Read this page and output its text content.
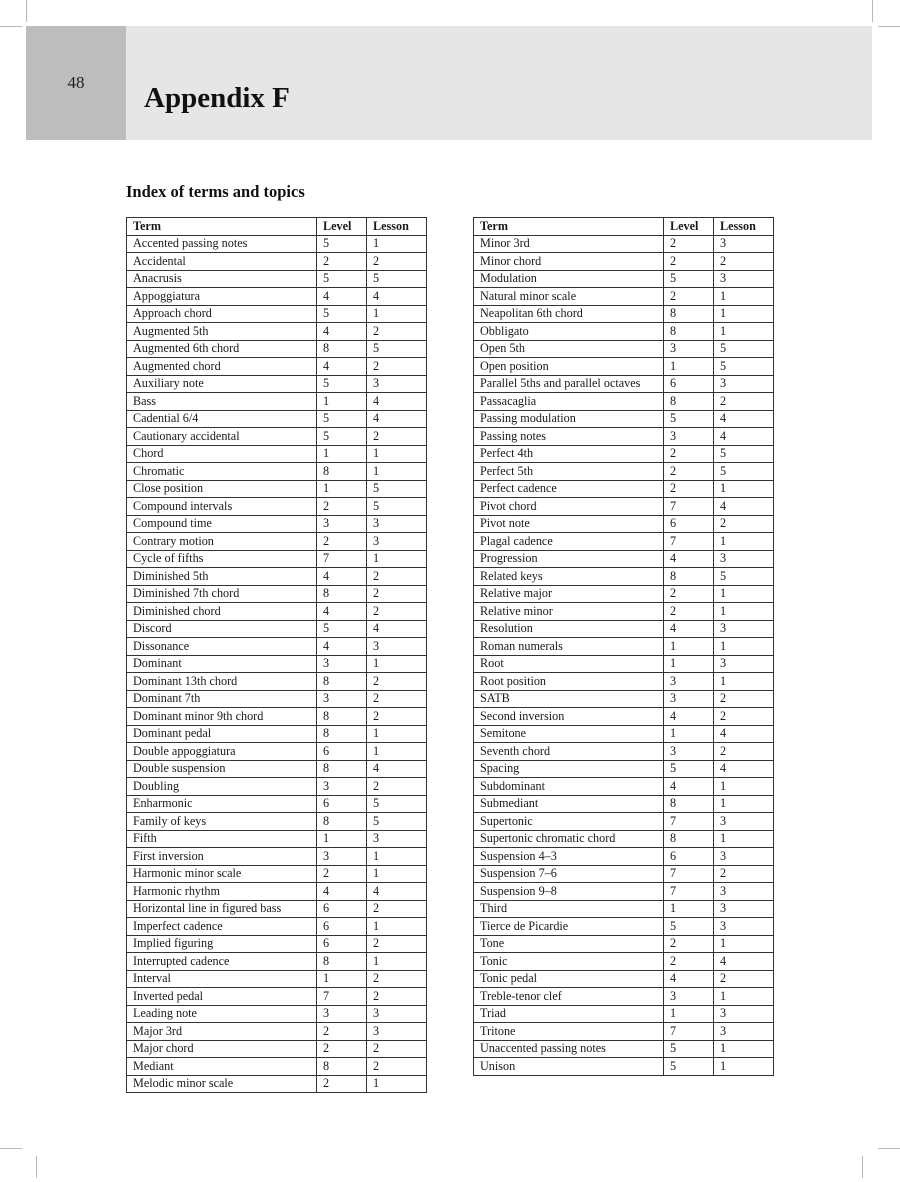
48	Appendix F
Index of terms and topics
Term	Level	Lesson
Accented passing notes	5	1
Accidental	2	2
Anacrusis	5	5
Appoggiatura	4	4
Approach chord	5	1
Augmented 5th	4	2
Augmented 6th chord	8	5
Augmented chord	4	2
Auxiliary note	5	3
Bass	1	4
Cadential 6/4	5	4
Cautionary accidental	5	2
Chord	1	1
Chromatic	8	1
Close position	1	5
Compound intervals	2	5
Compound time	3	3
Contrary motion	2	3
Cycle of fifths	7	1
Diminished 5th	4	2
Diminished 7th chord	8	2
Diminished chord	4	2
Discord	5	4
Dissonance	4	3
Dominant	3	1
Dominant 13th chord	8	2
Dominant 7th	3	2
Dominant minor 9th chord	8	2
Dominant pedal	8	1
Double appoggiatura	6	1
Double suspension	8	4
Doubling	3	2
Enharmonic	6	5
Family of keys	8	5
Fifth	1	3
First inversion	3	1
Harmonic minor scale	2	1
Harmonic rhythm	4	4
Horizontal line in figured bass	6	2
Imperfect cadence	6	1
Implied figuring	6	2
Interrupted cadence	8	1
Interval	1	2
Inverted pedal	7	2
Leading note	3	3
Major 3rd	2	3
Major chord	2	2
Mediant	8	2
Melodic minor scale	2	1
Term	Level	Lesson
Minor 3rd	2	3
Minor chord	2	2
Modulation	5	3
Natural minor scale	2	1
Neapolitan 6th chord	8	1
Obbligato	8	1
Open 5th	3	5
Open position	1	5
Parallel 5ths and parallel octaves	6	3
Passacaglia	8	2
Passing modulation	5	4
Passing notes	3	4
Perfect 4th	2	5
Perfect 5th	2	5
Perfect cadence	2	1
Pivot chord	7	4
Pivot note	6	2
Plagal cadence	7	1
Progression	4	3
Related keys	8	5
Relative major	2	1
Relative minor	2	1
Resolution	4	3
Roman numerals	1	1
Root	1	3
Root position	3	1
SATB	3	2
Second inversion	4	2
Semitone	1	4
Seventh chord	3	2
Spacing	5	4
Subdominant	4	1
Submediant	8	1
Supertonic	7	3
Supertonic chromatic chord	8	1
Suspension 4–3	6	3
Suspension 7–6	7	2
Suspension 9–8	7	3
Third	1	3
Tierce de Picardie	5	3
Tone	2	1
Tonic	2	4
Tonic pedal	4	2
Treble-tenor clef	3	1
Triad	1	3
Tritone	7	3
Unaccented passing notes	5	1
Unison	5	1
